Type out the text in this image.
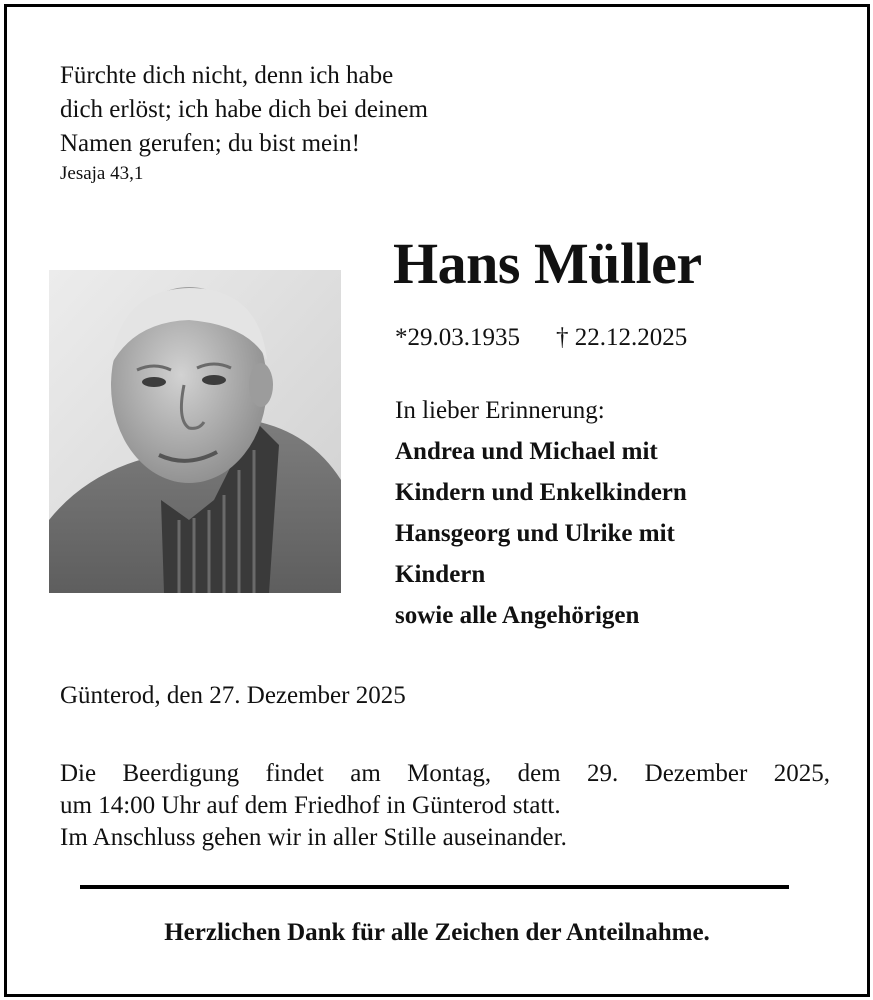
Fürchte dich nicht, denn ich habe
dich erlöst; ich habe dich bei deinem
Namen gerufen; du bist mein!
Jesaja 43,1
Hans Müller
*29.03.1935 † 22.12.2025
In lieber Erinnerung:
Andrea und Michael mit
Kindern und Enkelkindern
Hansgeorg und Ulrike mit
Kindern
sowie alle Angehörigen
Günterod, den 27. Dezember 2025
Die Beerdigung findet am Montag, dem 29. Dezember 2025,
um 14:00 Uhr auf dem Friedhof in Günterod statt.
Im Anschluss gehen wir in aller Stille auseinander.
Herzlichen Dank für alle Zeichen der Anteilnahme.
